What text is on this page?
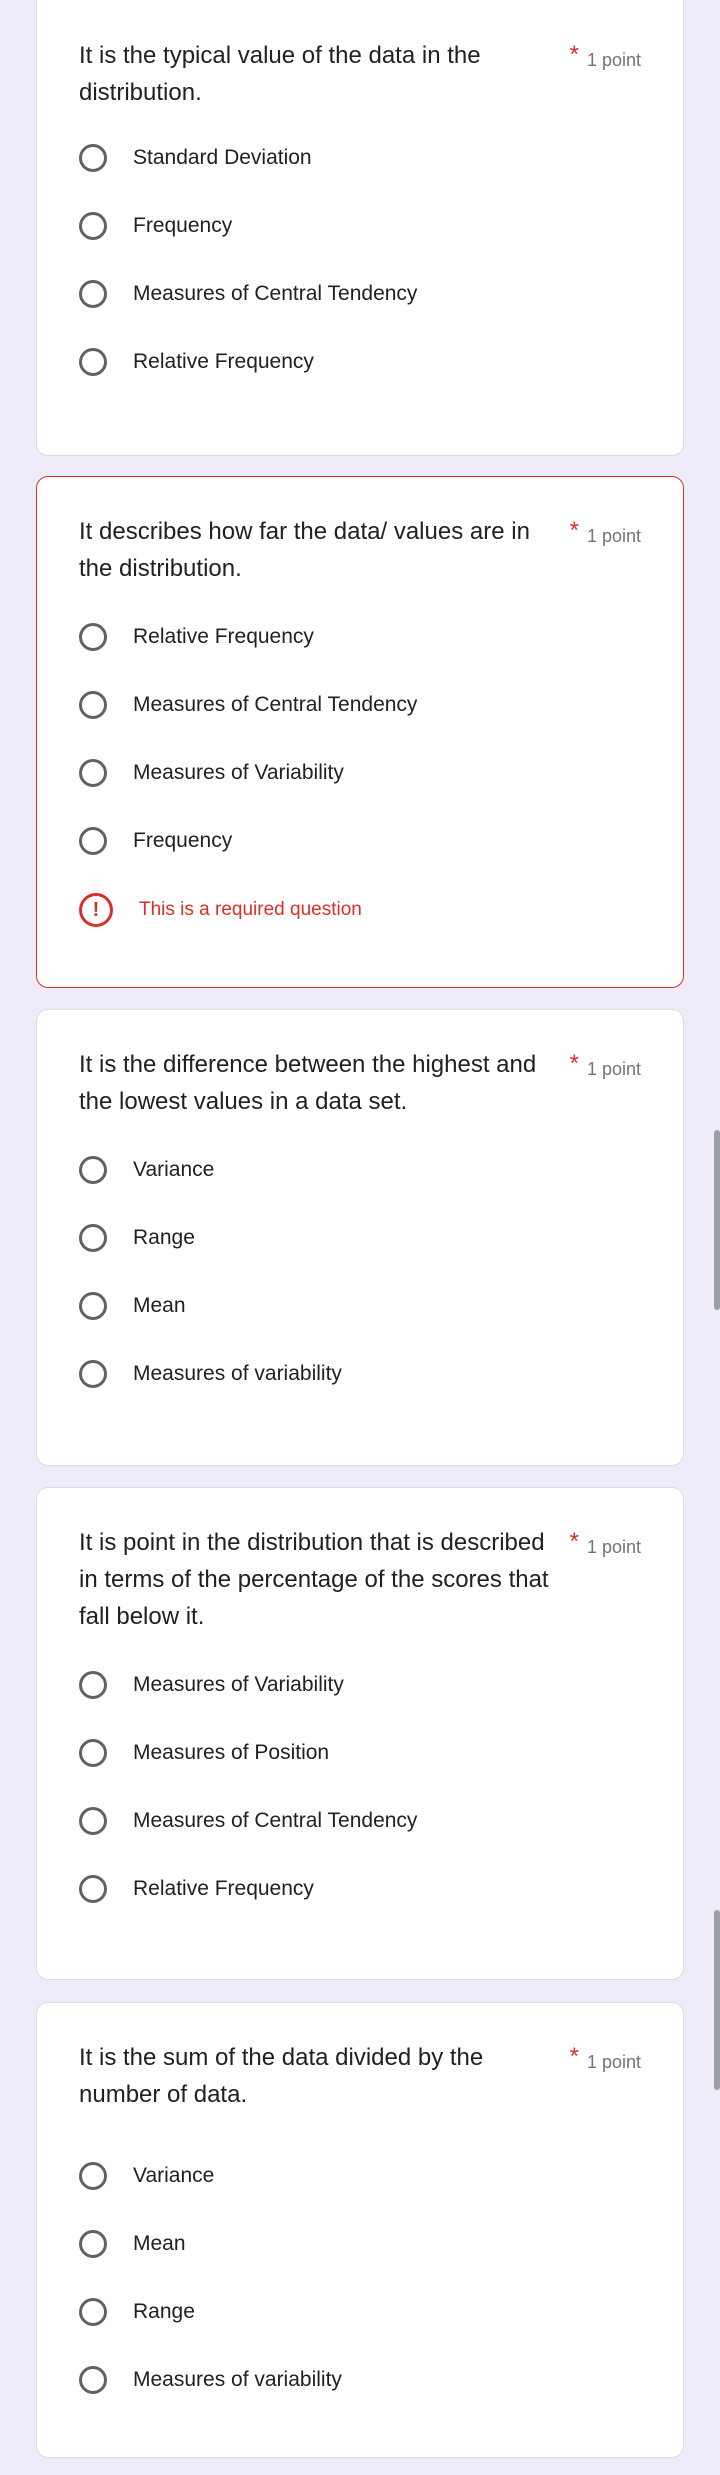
It is the typical value of the data in the distribution.
* 1 point
Standard Deviation
Frequency
Measures of Central Tendency
Relative Frequency
It describes how far the data/ values are in the distribution.
* 1 point
Relative Frequency
Measures of Central Tendency
Measures of Variability
Frequency
!	This is a required question
It is the difference between the highest and the lowest values in a data set.
* 1 point
Variance
Range
Mean
Measures of variability
It is point in the distribution that is described in terms of the percentage of the scores that fall below it.
* 1 point
Measures of Variability
Measures of Position
Measures of Central Tendency
Relative Frequency
It is the sum of the data divided by the number of data.
* 1 point
Variance
Mean
Range
Measures of variability
